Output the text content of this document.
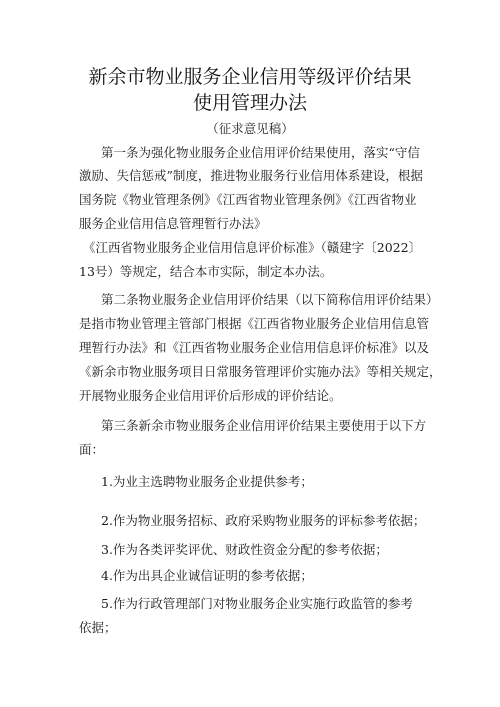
新余市物业服务企业信用等级评价结果
使用管理办法
（征求意见稿）
第一条为强化物业服务企业信用评价结果使用，落实“守信
激励、失信惩戒”制度，推进物业服务行业信用体系建设，根据
国务院《物业管理条例》《江西省物业管理条例》《江西省物业
服务企业信用信息管理暂行办法》
《江西省物业服务企业信用信息评价标准》（赣建字〔2022〕
13号）等规定，结合本市实际，制定本办法。
第二条物业服务企业信用评价结果（以下简称信用评价结果）
是指市物业管理主管部门根据《江西省物业服务企业信用信息管
理暂行办法》和《江西省物业服务企业信用信息评价标准》以及
《新余市物业服务项目日常服务管理评价实施办法》等相关规定，
开展物业服务企业信用评价后形成的评价结论。
第三条新余市物业服务企业信用评价结果主要使用于以下方
面：
1.为业主选聘物业服务企业提供参考；
2.作为物业服务招标、政府采购物业服务的评标参考依据；
3.作为各类评奖评优、财政性资金分配的参考依据；
4.作为出具企业诚信证明的参考依据；
5.作为行政管理部门对物业服务企业实施行政监管的参考
依据；
